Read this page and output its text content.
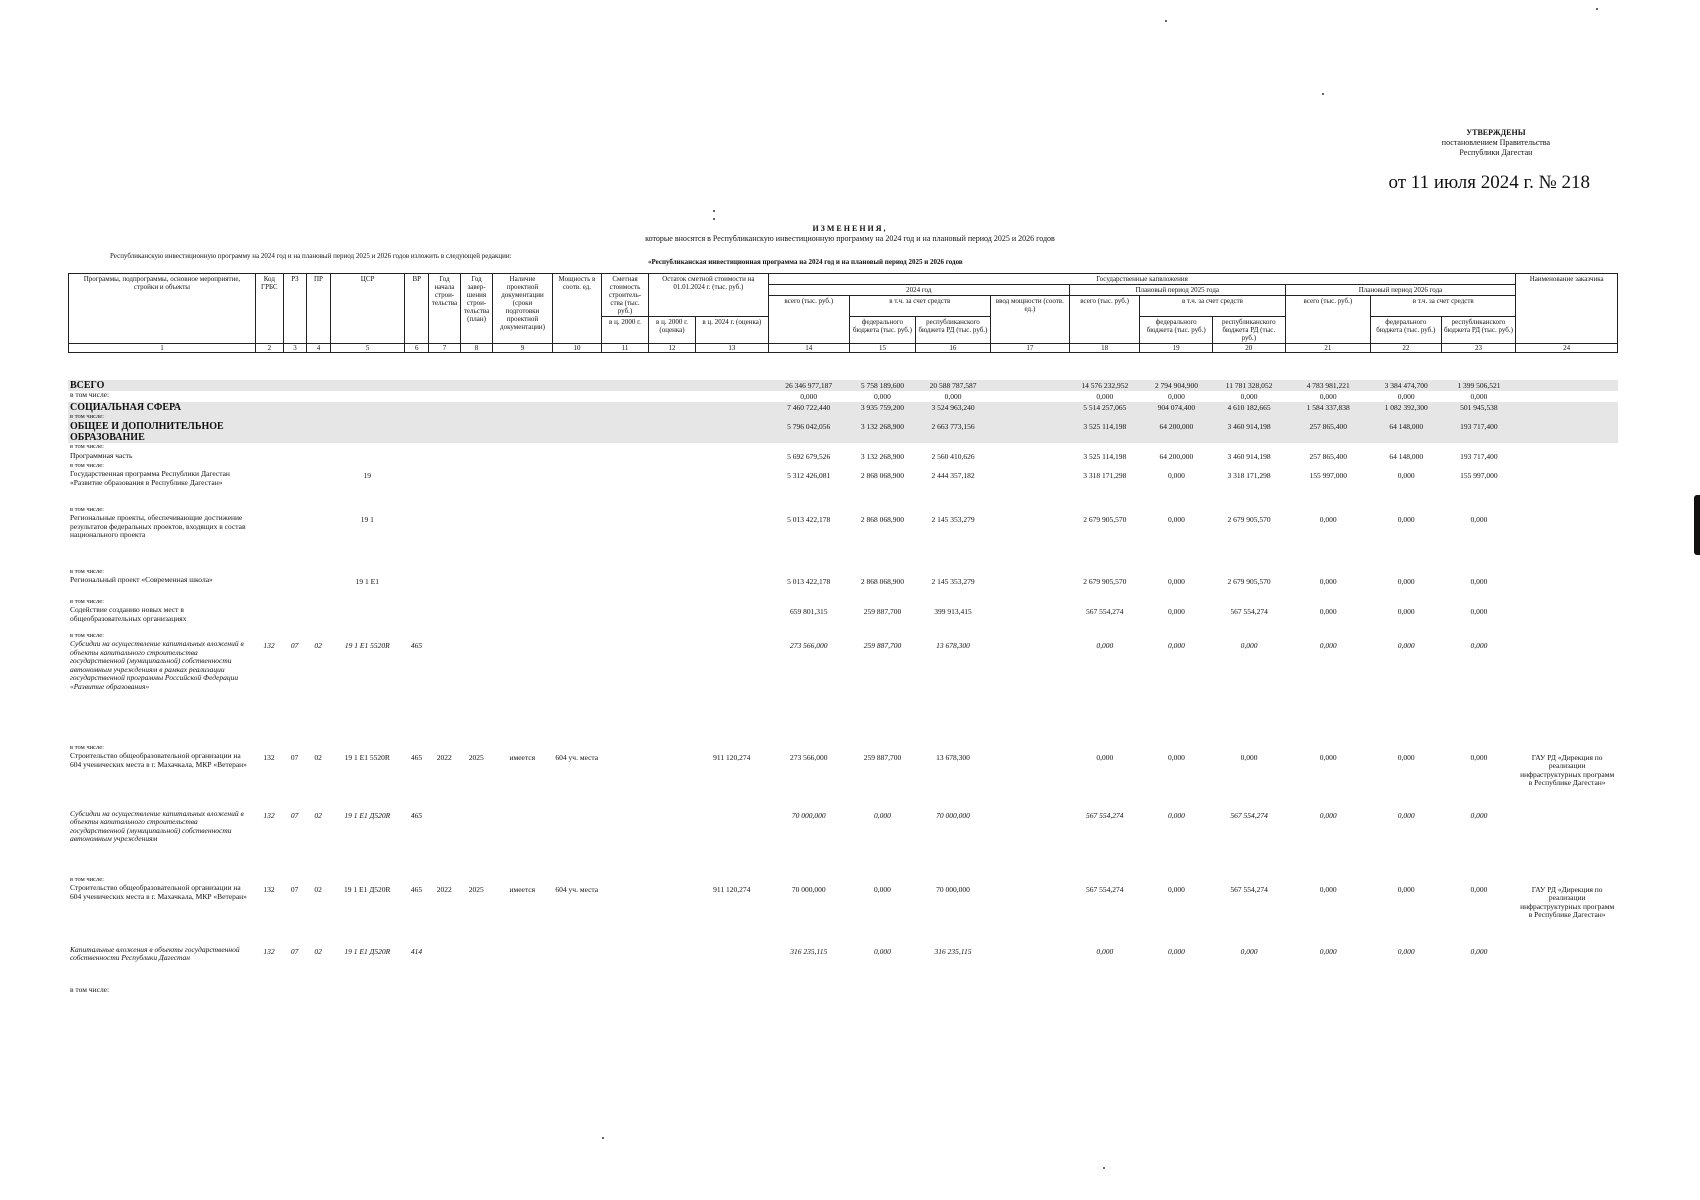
УТВЕРЖДЕНЫ
постановлением Правительства
Республики Дагестан
от 11 июля 2024 г. № 218
ИЗМЕНЕНИЯ,
которые вносятся в Республиканскую инвестиционную программу на 2024 год и на плановый период 2025 и 2026 годов
Республиканскую инвестиционную программу на 2024 год и на плановый период 2025 и 2026 годов изложить в следующей редакции:
«Республиканская инвестиционная программа на 2024 год и на плановый период 2025 и 2026 годов
Программы, подпрограммы, основное мероприятие, стройки и объекты	Код ГРБС	РЗ	ПР	ЦСР	ВР	Год начала строи-тельства	Год завер-шения строи-тельства (план)	Наличие проектной документации (сроки подготовки проектной документации)	Мощность в соотв. ед.	Сметная стоимость строитель-ства (тыс. руб.)	Остаток сметной стоимости на 01.01.2024 г. (тыс. руб.)		Государственные капвложения										Наименование заказчика
													2024 год				Плановый период 2025 года			Плановый период 2026 года			
													всего (тыс. руб.)	в т.ч. за счет средств		ввод мощности (соотв. ед.)	всего (тыс. руб.)	в т.ч. за счет средств		всего (тыс. руб.)	в т.ч. за счет средств		
										в ц. 2000 г.	в ц. 2000 г. (оценка)	в ц. 2024 г. (оценка)		федерального бюджета (тыс. руб.)	республиканского бюджета РД (тыс. руб.)			федерального бюджета (тыс. руб.)	республиканского бюджета РД (тыс. руб.)		федерального бюджета (тыс. руб.)	республиканского бюджета РД (тыс. руб.)	
1	2	3	4	5	6	7	8	9	10	11	12	13	14	15	16	17	18	19	20	21	22	23	24
ВСЕГО													26 346 977,187	5 758 189,600	20 588 787,587		14 576 232,952	2 794 904,900	11 781 328,052	4 783 981,221	3 384 474,700	1 399 506,521	
в том числе:													0,000	0,000	0,000		0,000	0,000	0,000	0,000	0,000	0,000	
СОЦИАЛЬНАЯ СФЕРА													7 460 722,440	3 935 759,200	3 524 963,240		5 514 257,065	904 074,400	4 610 182,665	1 584 337,838	1 082 392,300	501 945,538	

в том числе:
ОБЩЕЕ И ДОПОЛНИТЕЛЬНОЕ ОБРАЗОВАНИЕ													5 796 042,056	3 132 268,900	2 663 773,156		3 525 114,198	64 200,000	3 460 914,198	257 865,400	64 148,000	193 717,400	

в том числе:
Программная часть													5 692 679,526	3 132 268,900	2 560 410,626		3 525 114,198	64 200,000	3 460 914,198	257 865,400	64 148,000	193 717,400	

в том числе:
Государственная программа Республики Дагестан «Развитие образования в Республике Дагестан»				19									5 312 426,081	2 868 068,900	2 444 357,182		3 318 171,298	0,000	3 318 171,298	155 997,000	0,000	155 997,000	

в том числе:
Региональные проекты, обеспечивающие достижение результатов федеральных проектов, входящих в состав национального проекта				19 1									5 013 422,178	2 868 068,900	2 145 353,279		2 679 905,570	0,000	2 679 905,570	0,000	0,000	0,000	

в том числе:
Региональный проект «Современная школа»				19 1 E1									5 013 422,178	2 868 068,900	2 145 353,279		2 679 905,570	0,000	2 679 905,570	0,000	0,000	0,000	

в том числе:
Содействие созданию новых мест в общеобразовательных организациях													659 801,315	259 887,700	399 913,415		567 554,274	0,000	567 554,274	0,000	0,000	0,000	

в том числе:
Субсидии на осуществление капитальных вложений в объекты капитального строительства государственной (муниципальной) собственности автономным учреждениям в рамках реализации государственной программы Российской Федерации «Развитие образования»	132	07	02	19 1 E1 5520R	465								273 566,000	259 887,700	13 678,300		0,000	0,000	0,000	0,000	0,000	0,000	

в том числе:
Строительство общеобразовательной организации на 604 ученических места в г. Махачкала, МКР «Ветеран»	132	07	02	19 1 E1 5520R	465	2022	2025	имеется	604 уч. места			911 120,274	273 566,000	259 887,700	13 678,300		0,000	0,000	0,000	0,000	0,000	0,000	ГАУ РД «Дирекция по реализации инфраструктурных программ в Республике Дагестан»
Субсидии на осуществление капитальных вложений в объекты капитального строительства государственной (муниципальной) собственности автономным учреждениям	132	07	02	19 1 E1 Д520R	465								70 000,000	0,000	70 000,000		567 554,274	0,000	567 554,274	0,000	0,000	0,000	

в том числе:
Строительство общеобразовательной организации на 604 ученических места в г. Махачкала, МКР «Ветеран»	132	07	02	19 1 E1 Д520R	465	2022	2025	имеется	604 уч. места			911 120,274	70 000,000	0,000	70 000,000		567 554,274	0,000	567 554,274	0,000	0,000	0,000	ГАУ РД «Дирекция по реализации инфраструктурных программ в Республике Дагестан»
Капитальные вложения в объекты государственной собственности Республики Дагестан	132	07	02	19 1 E1 Д520R	414								316 235,115	0,000	316 235,115		0,000	0,000	0,000	0,000	0,000	0,000	
в том числе:																							
